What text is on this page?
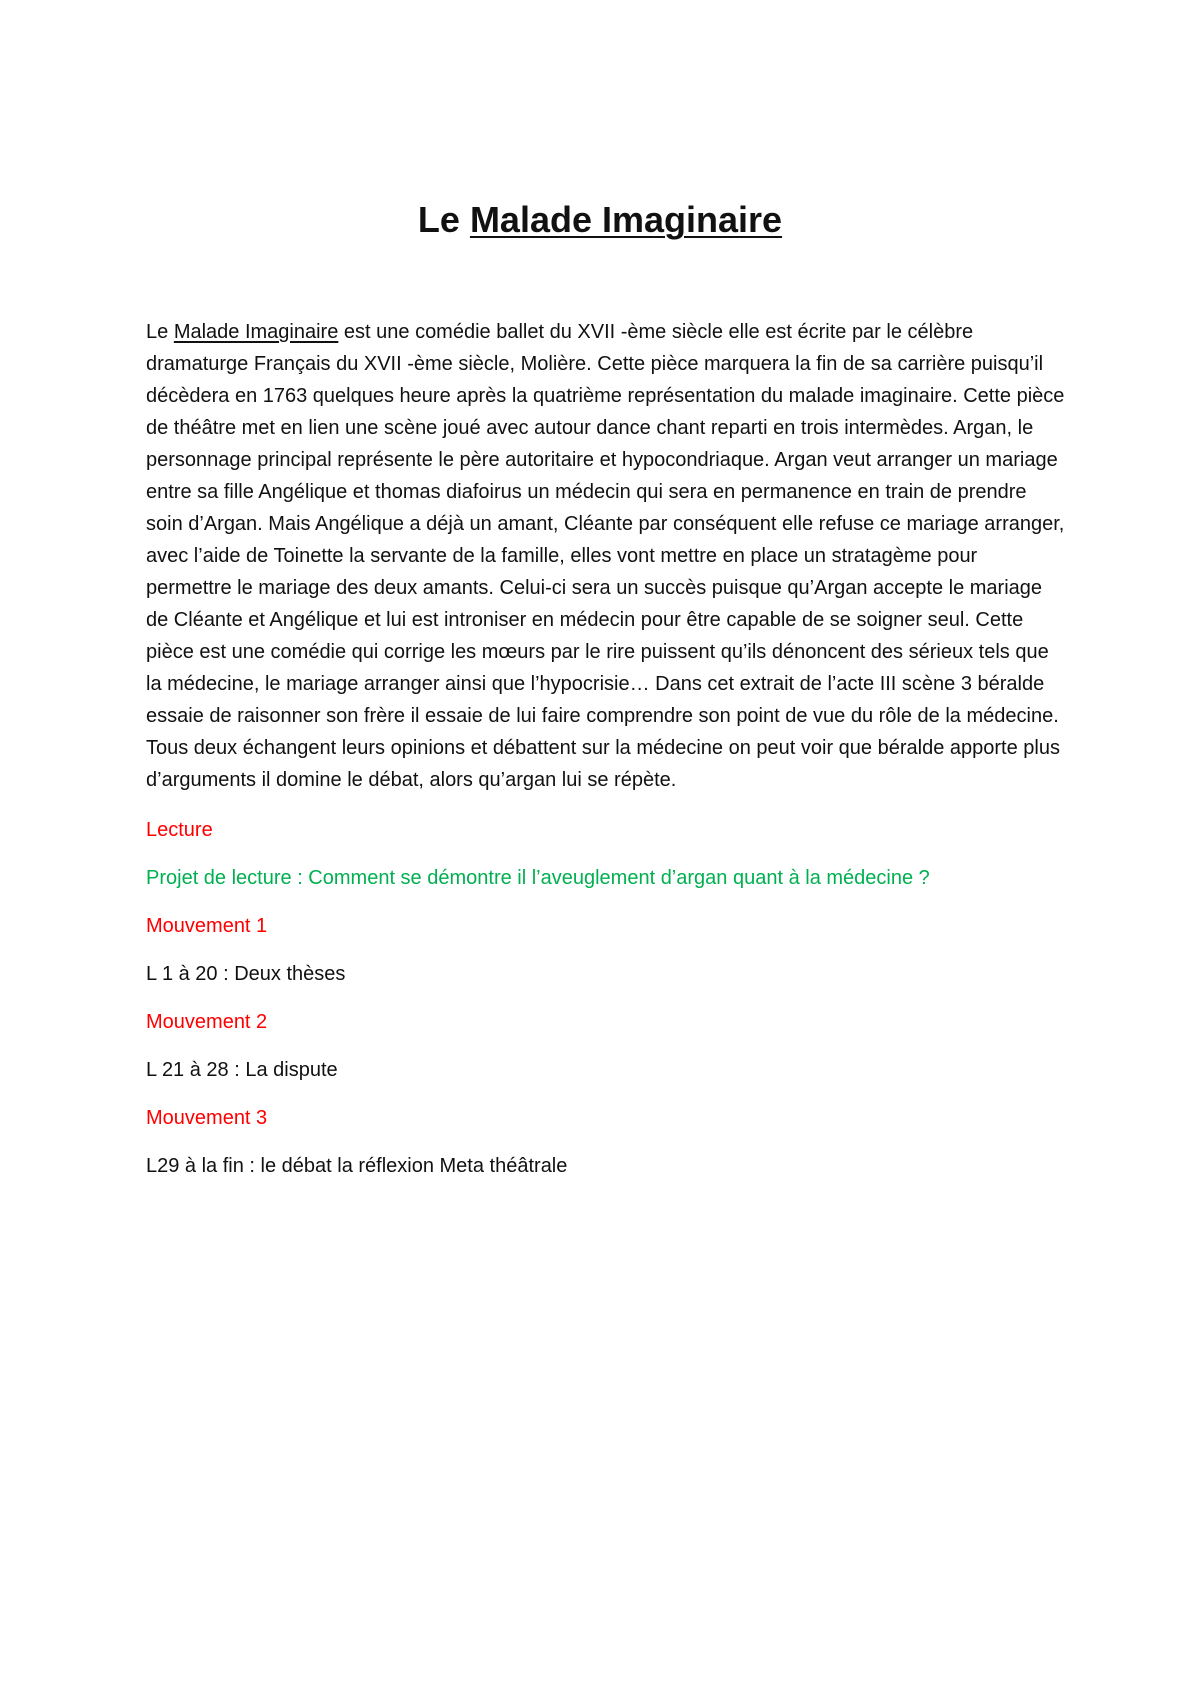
Le Malade Imaginaire

Le Malade Imaginaire est une comédie ballet du XVII -ème siècle elle est écrite par le célèbre dramaturge Français du XVII -ème siècle, Molière. Cette pièce marquera la fin de sa carrière puisqu’il décèdera en 1763 quelques heure après la quatrième représentation du malade imaginaire. Cette pièce de théâtre met en lien une scène joué avec autour dance chant reparti en trois intermèdes. Argan, le personnage principal représente le père autoritaire et hypocondriaque. Argan veut arranger un mariage entre sa fille Angélique et thomas diafoirus un médecin qui sera en permanence en train de prendre soin d’Argan. Mais Angélique a déjà un amant, Cléante par conséquent elle refuse ce mariage arranger, avec l’aide de Toinette la servante de la famille, elles vont mettre en place un stratagème pour permettre le mariage des deux amants. Celui-ci sera un succès puisque qu’Argan accepte le mariage de Cléante et Angélique et lui est introniser en médecin pour être capable de se soigner seul. Cette pièce est une comédie qui corrige les mœurs par le rire puissent qu’ils dénoncent des sérieux tels que la médecine, le mariage arranger ainsi que l’hypocrisie… Dans cet extrait de l’acte III scène 3 béralde essaie de raisonner son frère il essaie de lui faire comprendre son point de vue du rôle de la médecine. Tous deux échangent leurs opinions et débattent sur la médecine on peut voir que béralde apporte plus d’arguments il domine le débat, alors qu’argan lui se répète.

Lecture

Projet de lecture : Comment se démontre il l’aveuglement d’argan quant à la médecine ?

Mouvement 1

L 1 à 20 : Deux thèses

Mouvement 2

L 21 à 28 : La dispute

Mouvement 3

L29 à la fin : le débat la réflexion Meta théâtrale
